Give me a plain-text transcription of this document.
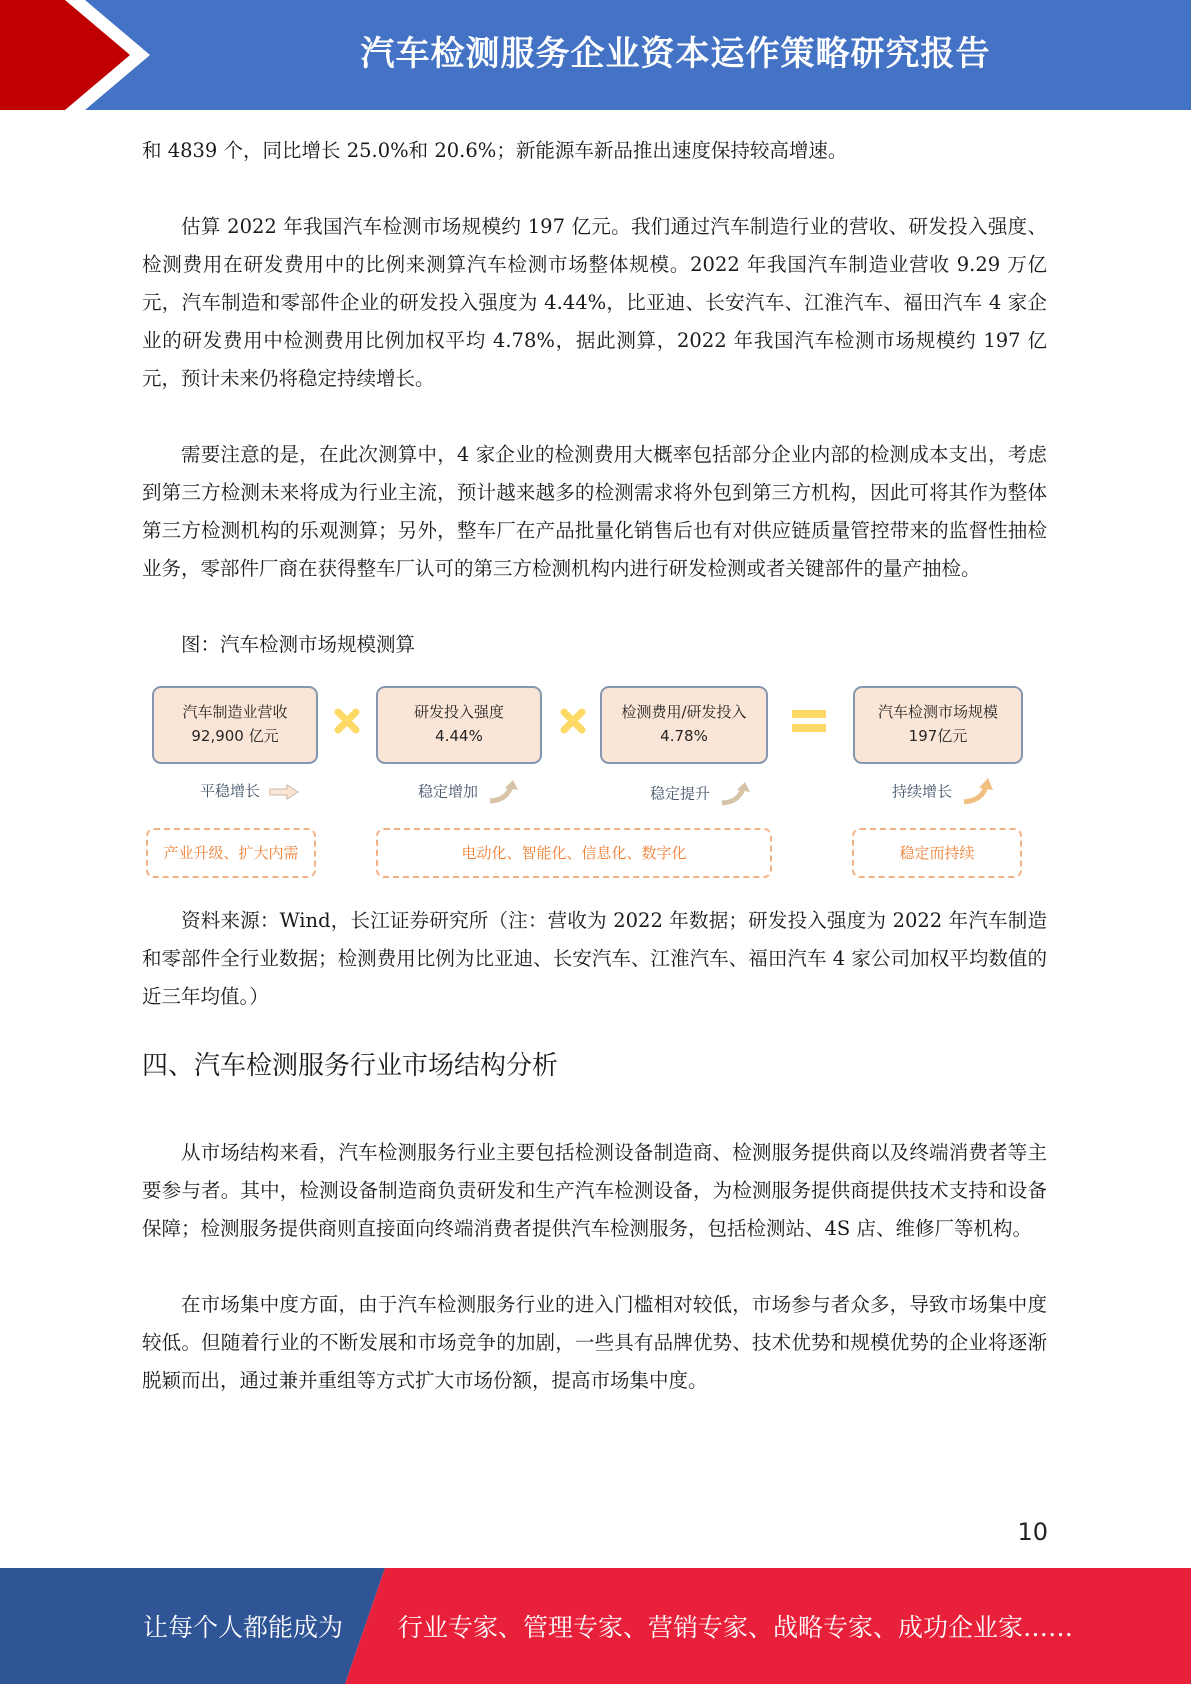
汽车检测服务企业资本运作策略研究报告

和 4839 个，同比增长 25.0%和 20.6%；新能源车新品推出速度保持较高增速。

估算 2022 年我国汽车检测市场规模约 197 亿元。我们通过汽车制造行业的营收、研发投入强度、检测费用在研发费用中的比例来测算汽车检测市场整体规模。2022 年我国汽车制造业营收 9.29 万亿元，汽车制造和零部件企业的研发投入强度为 4.44%，比亚迪、长安汽车、江淮汽车、福田汽车 4 家企业的研发费用中检测费用比例加权平均 4.78%，据此测算，2022 年我国汽车检测市场规模约 197 亿元，预计未来仍将稳定持续增长。

需要注意的是，在此次测算中，4 家企业的检测费用大概率包括部分企业内部的检测成本支出，考虑到第三方检测未来将成为行业主流，预计越来越多的检测需求将外包到第三方机构，因此可将其作为整体第三方检测机构的乐观测算；另外，整车厂在产品批量化销售后也有对供应链质量管控带来的监督性抽检业务，零部件厂商在获得整车厂认可的第三方检测机构内进行研发检测或者关键部件的量产抽检。

图：汽车检测市场规模测算

汽车制造业营收
92,900 亿元
研发投入强度
4.44%
检测费用/研发投入
4.78%
汽车检测市场规模
197亿元
平稳增长	稳定增加	稳定提升	持续增长
产业升级、扩大内需	电动化、智能化、信息化、数字化	稳定而持续

资料来源：Wind，长江证券研究所（注：营收为 2022 年数据；研发投入强度为 2022 年汽车制造和零部件全行业数据；检测费用比例为比亚迪、长安汽车、江淮汽车、福田汽车 4 家公司加权平均数值的近三年均值。）

四、汽车检测服务行业市场结构分析

从市场结构来看，汽车检测服务行业主要包括检测设备制造商、检测服务提供商以及终端消费者等主要参与者。其中，检测设备制造商负责研发和生产汽车检测设备，为检测服务提供商提供技术支持和设备保障；检测服务提供商则直接面向终端消费者提供汽车检测服务，包括检测站、4S 店、维修厂等机构。

在市场集中度方面，由于汽车检测服务行业的进入门槛相对较低，市场参与者众多，导致市场集中度较低。但随着行业的不断发展和市场竞争的加剧，一些具有品牌优势、技术优势和规模优势的企业将逐渐脱颖而出，通过兼并重组等方式扩大市场份额，提高市场集中度。

10
让每个人都能成为 行业专家、管理专家、营销专家、战略专家、成功企业家……
